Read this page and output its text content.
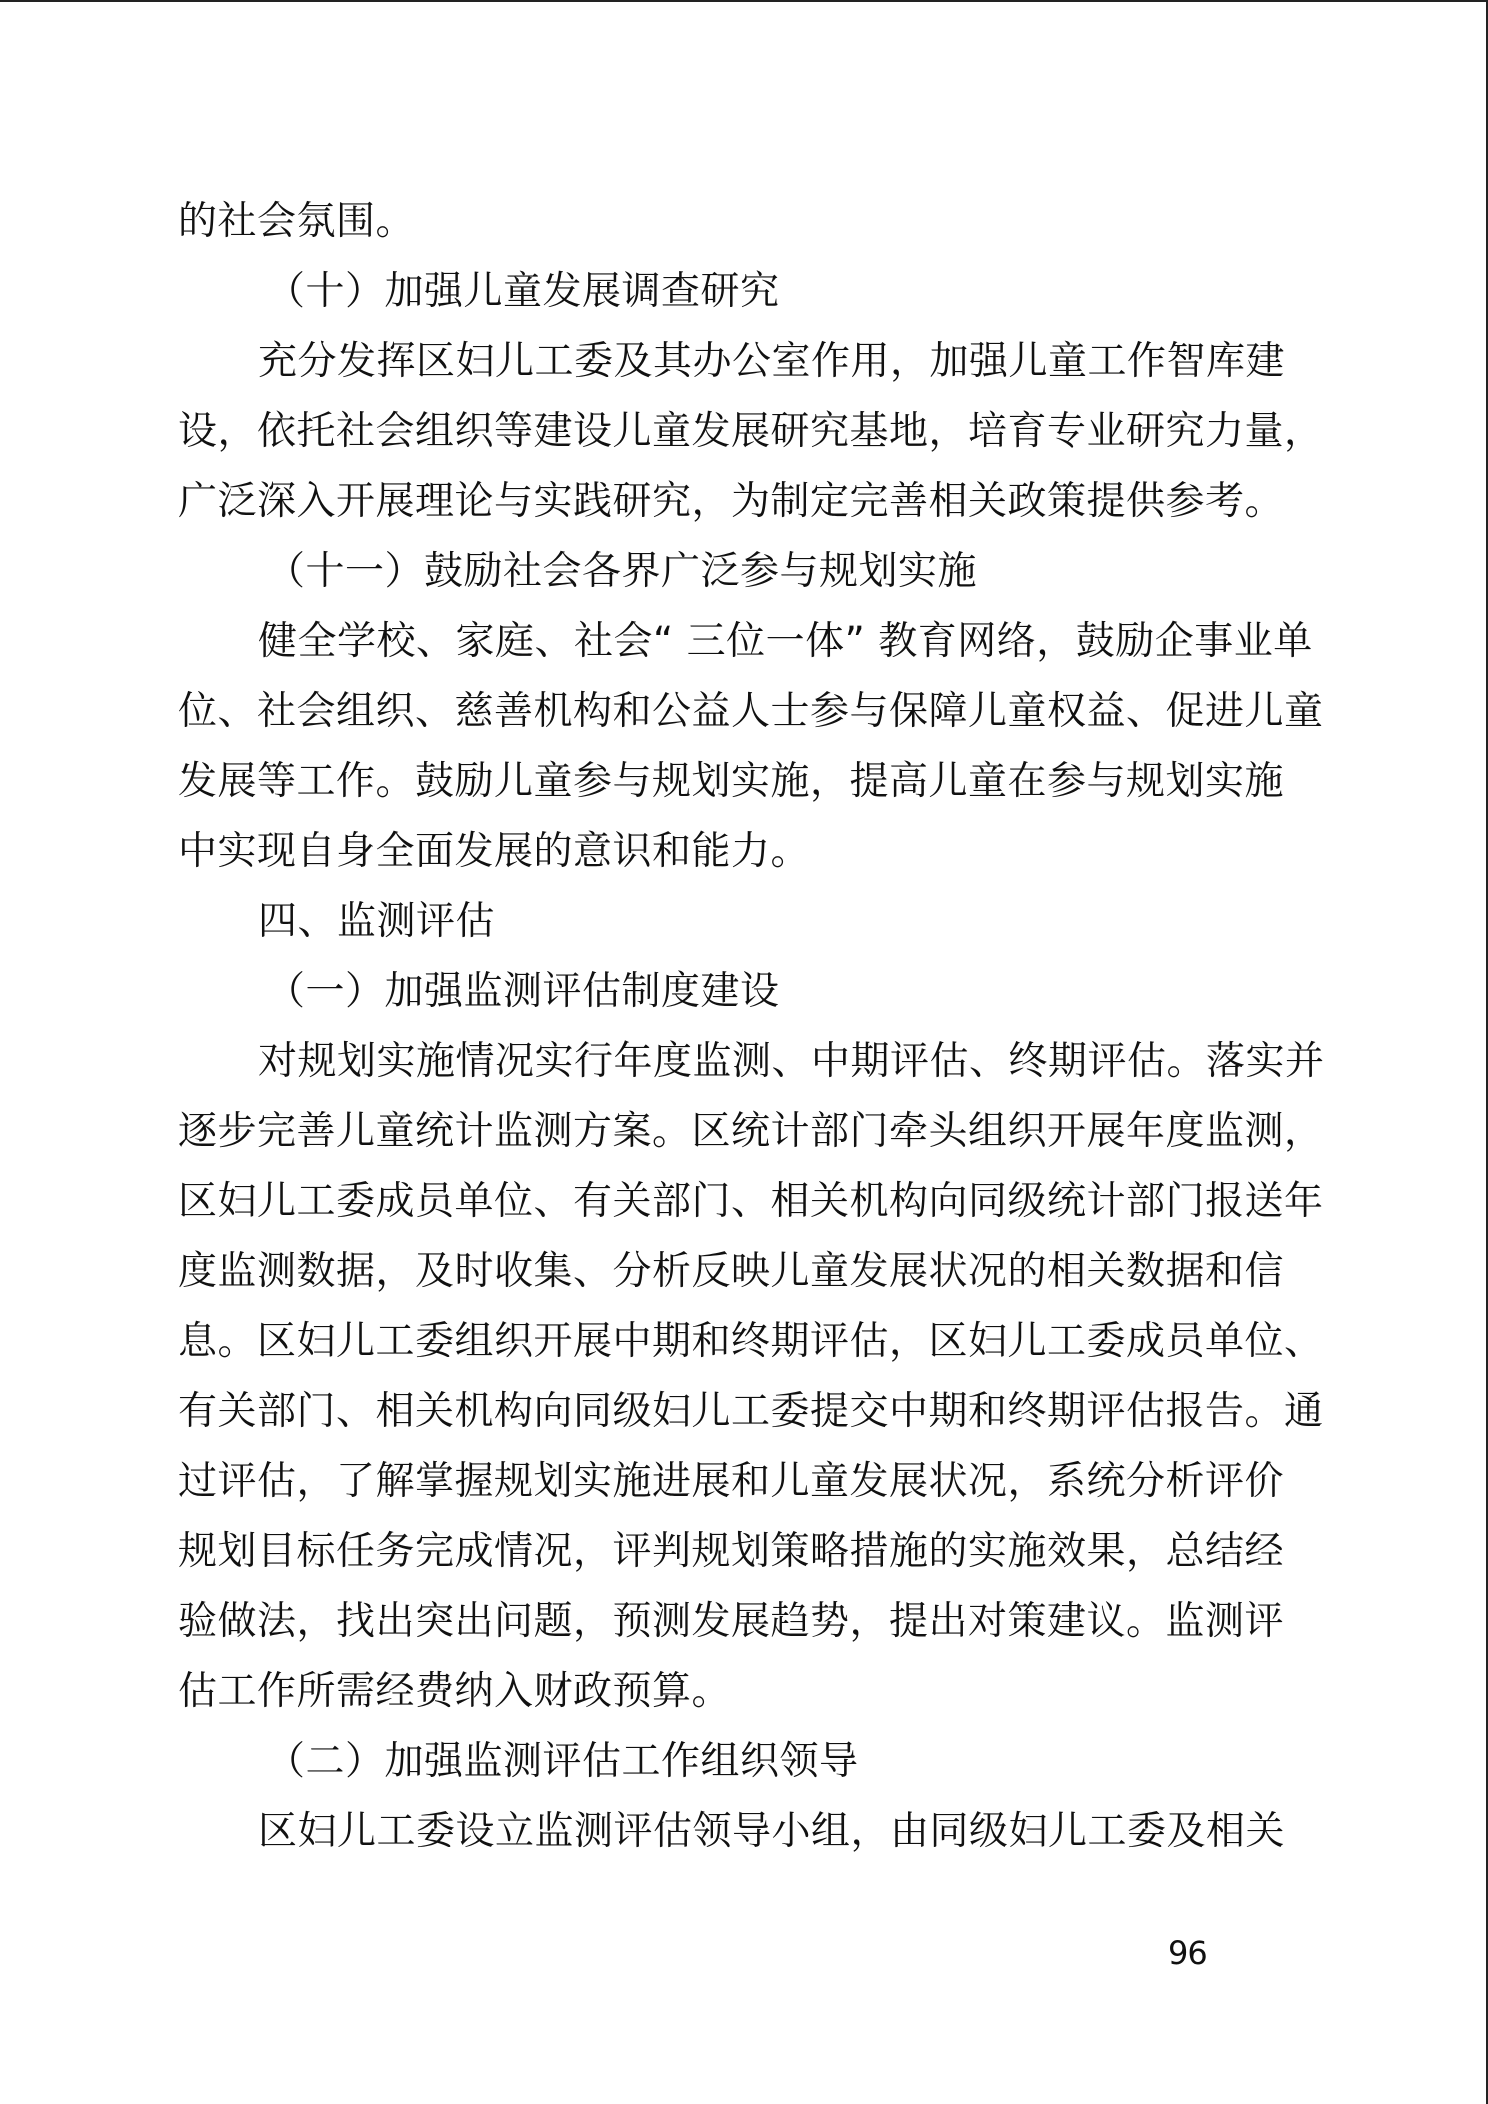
的社会氛围。
（十）加强儿童发展调查研究
充分发挥区妇儿工委及其办公室作用，加强儿童工作智库建
设，依托社会组织等建设儿童发展研究基地，培育专业研究力量，
广泛深入开展理论与实践研究，为制定完善相关政策提供参考。
（十一）鼓励社会各界广泛参与规划实施
健全学校、家庭、社会“ 三位一体” 教育网络，鼓励企事业单
位、社会组织、慈善机构和公益人士参与保障儿童权益、促进儿童
发展等工作。鼓励儿童参与规划实施，提高儿童在参与规划实施
中实现自身全面发展的意识和能力。
四、监测评估
（一）加强监测评估制度建设
对规划实施情况实行年度监测、中期评估、终期评估。落实并
逐步完善儿童统计监测方案。区统计部门牵头组织开展年度监测，
区妇儿工委成员单位、有关部门、相关机构向同级统计部门报送年
度监测数据，及时收集、分析反映儿童发展状况的相关数据和信
息。区妇儿工委组织开展中期和终期评估，区妇儿工委成员单位、
有关部门、相关机构向同级妇儿工委提交中期和终期评估报告。通
过评估，了解掌握规划实施进展和儿童发展状况，系统分析评价
规划目标任务完成情况，评判规划策略措施的实施效果，总结经
验做法，找出突出问题，预测发展趋势，提出对策建议。监测评
估工作所需经费纳入财政预算。
（二）加强监测评估工作组织领导
区妇儿工委设立监测评估领导小组，由同级妇儿工委及相关
96
